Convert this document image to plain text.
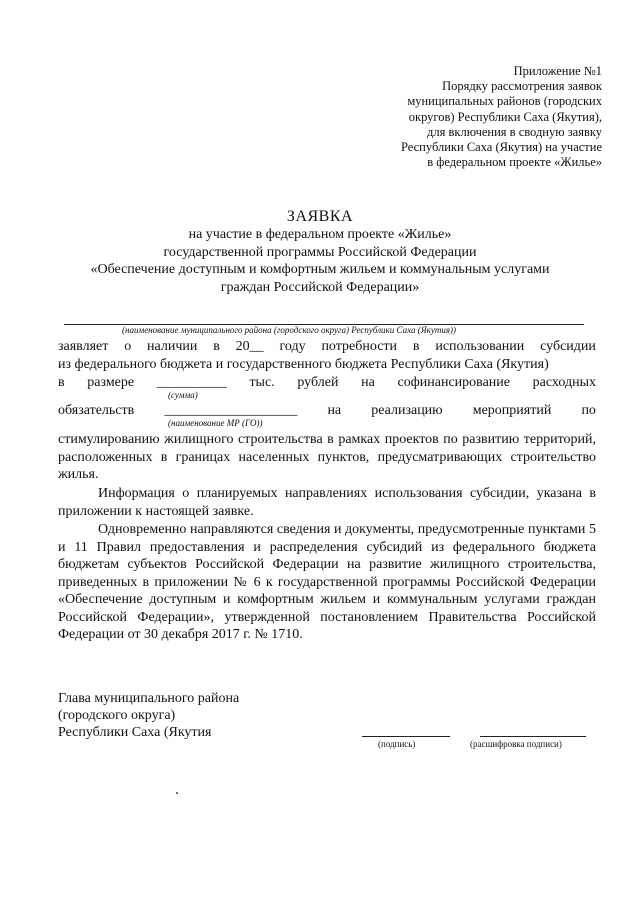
Приложение №1
Порядку рассмотрения заявок
муниципальных районов (городских
округов) Республики Саха (Якутия),
для включения в сводную заявку
Республики Саха (Якутия) на участие
в федеральном проекте «Жилье»
ЗАЯВКА
на участие в федеральном проекте «Жилье»
государственной программы Российской Федерации
«Обеспечение доступным и комфортным жильем и коммунальным услугами
граждан Российской Федерации»
(наименование муниципального района (городского округа) Республики Саха (Якутия))
заявляет о наличии в 20__ году потребности в использовании субсидии
из федерального бюджета и государственного бюджета Республики Саха (Якутия)
в размере __________ тыс. рублей на софинансирование расходных
(сумма)
обязательств ___________________ на реализацию мероприятий по
(наименование МР (ГО))
стимулированию жилищного строительства в рамках проектов по развитию территорий, расположенных в границах населенных пунктов, предусматривающих строительство жилья.
Информация о планируемых направлениях использования субсидии, указана в приложении к настоящей заявке.
Одновременно направляются сведения и документы, предусмотренные пунктами 5 и 11 Правил предоставления и распределения субсидий из федерального бюджета бюджетам субъектов Российской Федерации на развитие жилищного строительства, приведенных в приложении № 6 к государственной программы Российской Федерации «Обеспечение доступным и комфортным жильем и коммунальным услугами граждан Российской Федерации», утвержденной постановлением Правительства Российской Федерации от 30 декабря 2017 г. № 1710.
Глава муниципального района
(городского округа)
Республики Саха (Якутия
(подпись)	(расшифровка подписи)
